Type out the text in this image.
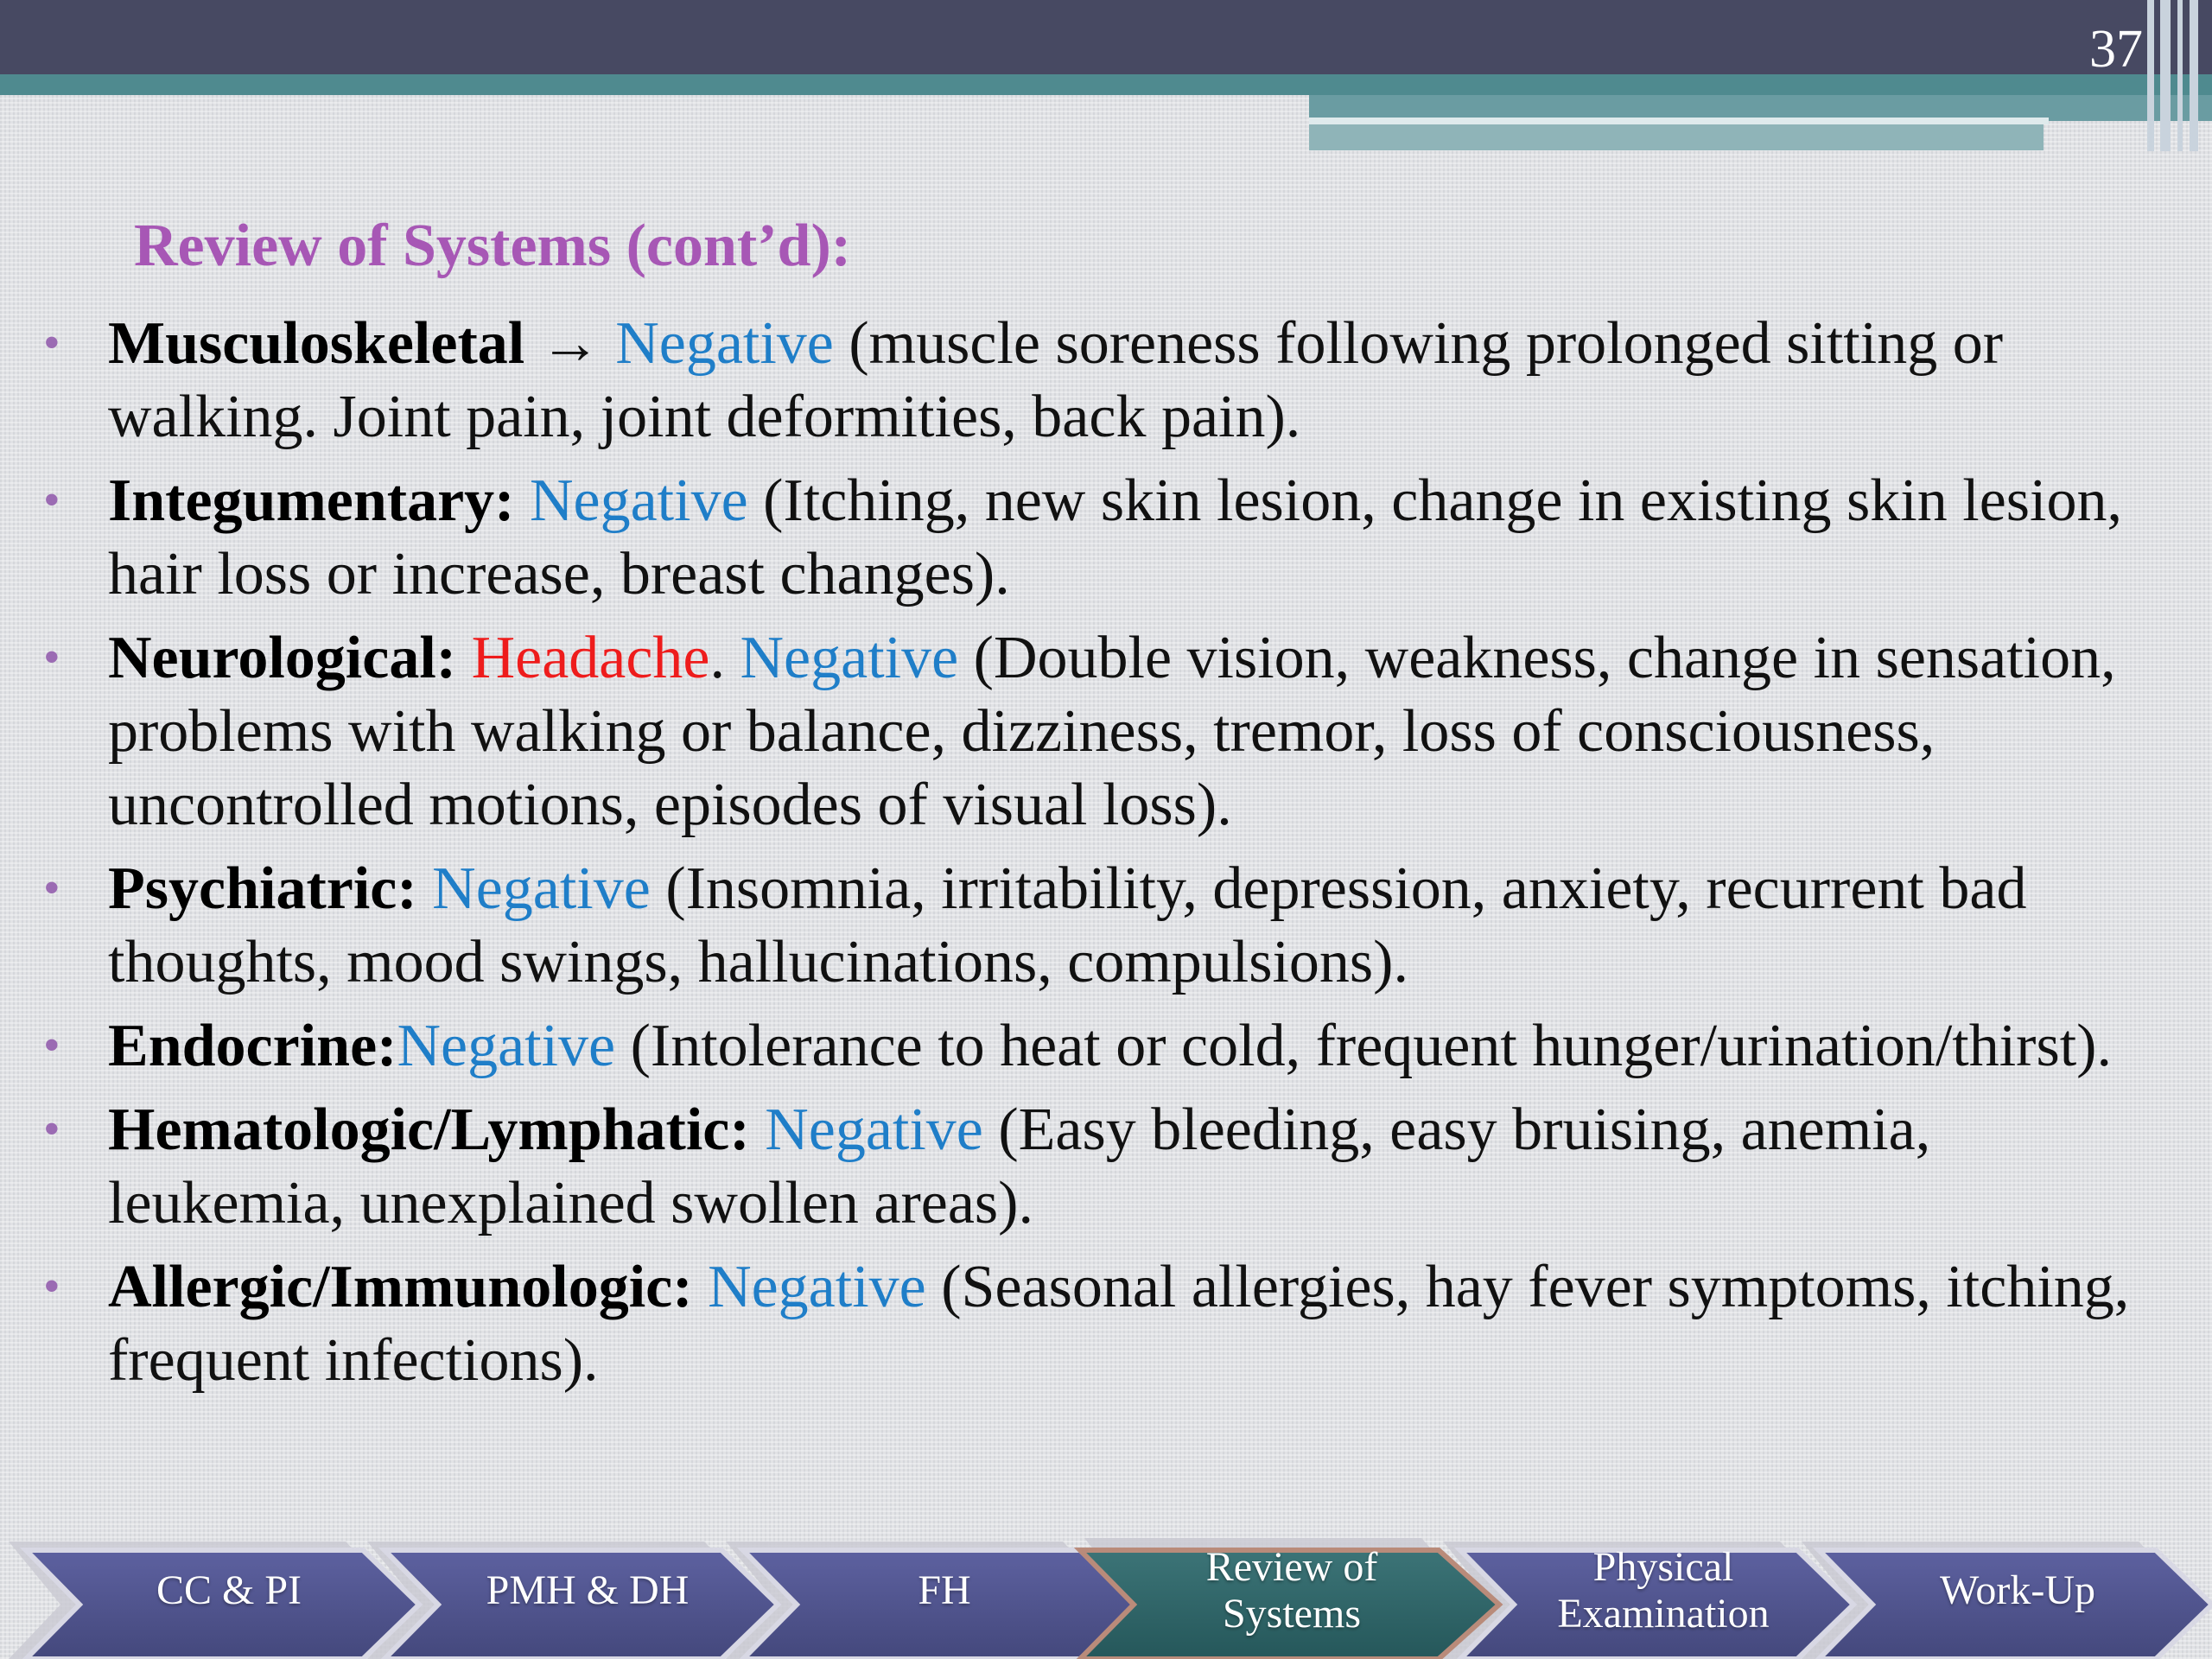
37
Review of Systems (cont’d):
• Musculoskeletal → Negative (muscle soreness following prolonged sitting or walking. Joint pain, joint deformities, back pain).
• Integumentary: Negative (Itching, new skin lesion, change in existing skin lesion, hair loss or increase, breast changes).
• Neurological: Headache. Negative (Double vision, weakness, change in sensation, problems with walking or balance, dizziness, tremor, loss of consciousness, uncontrolled motions, episodes of visual loss).
• Psychiatric: Negative (Insomnia, irritability, depression, anxiety, recurrent bad thoughts, mood swings, hallucinations, compulsions).
• Endocrine:Negative (Intolerance to heat or cold, frequent hunger/urination/thirst).
• Hematologic/Lymphatic: Negative (Easy bleeding, easy bruising, anemia, leukemia, unexplained swollen areas).
• Allergic/Immunologic: Negative (Seasonal allergies, hay fever symptoms, itching, frequent infections).
CC & PI	PMH & DH	FH
Review of
Systems
Physical
Examination
Work-Up
